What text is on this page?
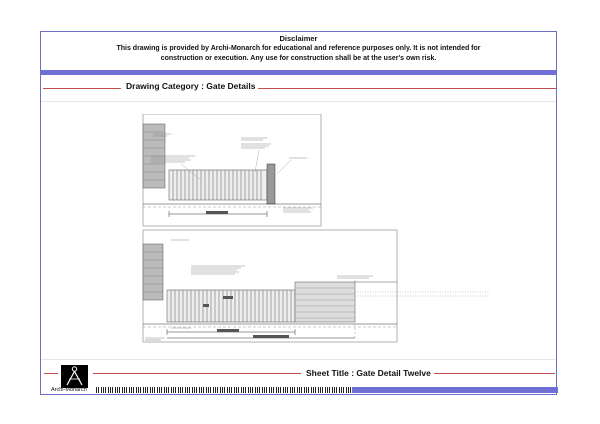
Disclaimer
This drawing is provided by Archi-Monarch for educational and reference purposes only. It is not intended for
construction or execution. Any use for construction shall be at the user's own risk.
Drawing Category : Gate Details
Archi-Monarch
Sheet Title : Gate Detail Twelve
